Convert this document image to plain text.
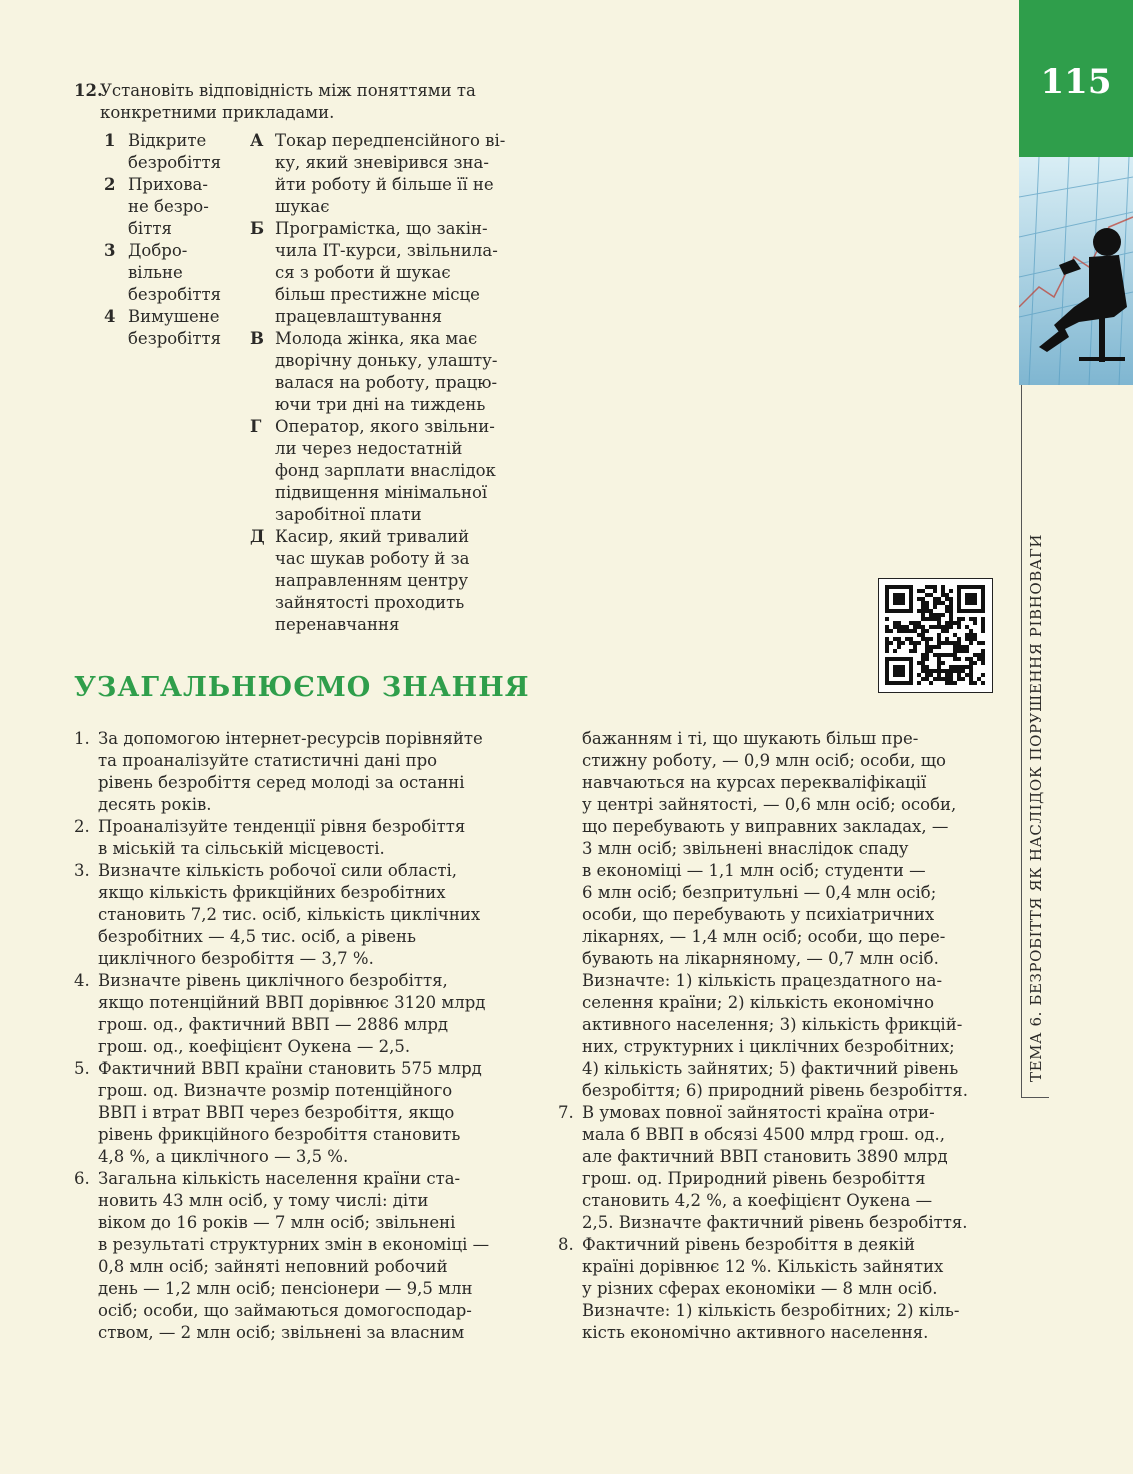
115
ТЕМА 6. БЕЗРОБІТТЯ ЯК НАСЛІДОК ПОРУШЕННЯ РІВНОВАГИ
12.
Установіть відповідність між поняттями та
конкретними прикладами.
1 Відкрите
безробіття
2 Прихова-
не безро-
біття
3 Добро-
вільне
безробіття
4 Вимушене
безробіття
А Токар передпенсійного ві-
ку, який зневірився зна-
йти роботу й більше її не
шукає
Б Програмістка, що закін-
чила ІТ-курси, звільнила-
ся з роботи й шукає
більш престижне місце
працевлаштування
В Молода жінка, яка має
дворічну доньку, улашту-
валася на роботу, працю-
ючи три дні на тиждень
Г Оператор, якого звільни-
ли через недостатній
фонд зарплати внаслідок
підвищення мінімальної
заробітної плати
Д Касир, який тривалий
час шукав роботу й за
направленням центру
зайнятості проходить
перенавчання
УЗАГАЛЬНЮЄМО ЗНАННЯ
1. За допомогою інтернет-ресурсів порівняйте
та проаналізуйте статистичні дані про
рівень безробіття серед молоді за останні
десять років.
2. Проаналізуйте тенденції рівня безробіття
в міській та сільській місцевості.
3. Визначте кількість робочої сили області,
якщо кількість фрикційних безробітних
становить 7,2 тис. осіб, кількість циклічних
безробітних — 4,5 тис. осіб, а рівень
циклічного безробіття — 3,7 %.
4. Визначте рівень циклічного безробіття,
якщо потенційний ВВП дорівнює 3120 млрд
грош. од., фактичний ВВП — 2886 млрд
грош. од., коефіцієнт Оукена — 2,5.
5. Фактичний ВВП країни становить 575 млрд
грош. од. Визначте розмір потенційного
ВВП і втрат ВВП через безробіття, якщо
рівень фрикційного безробіття становить
4,8 %, а циклічного — 3,5 %.
6. Загальна кількість населення країни ста-
новить 43 млн осіб, у тому числі: діти
віком до 16 років — 7 млн осіб; звільнені
в результаті структурних змін в економіці —
0,8 млн осіб; зайняті неповний робочий
день — 1,2 млн осіб; пенсіонери — 9,5 млн
осіб; особи, що займаються домогосподар-
ством, — 2 млн осіб; звільнені за власним
бажанням і ті, що шукають більш пре-
стижну роботу, — 0,9 млн осіб; особи, що
навчаються на курсах перекваліфікації
у центрі зайнятості, — 0,6 млн осіб; особи,
що перебувають у виправних закладах, —
3 млн осіб; звільнені внаслідок спаду
в економіці — 1,1 млн осіб; студенти —
6 млн осіб; безпритульні — 0,4 млн осіб;
особи, що перебувають у психіатричних
лікарнях, — 1,4 млн осіб; особи, що пере-
бувають на лікарняному, — 0,7 млн осіб.
Визначте: 1) кількість працездатного на-
селення країни; 2) кількість економічно
активного населення; 3) кількість фрикцій-
них, структурних і циклічних безробітних;
4) кількість зайнятих; 5) фактичний рівень
безробіття; 6) природний рівень безробіття.
7. В умовах повної зайнятості країна отри-
мала б ВВП в обсязі 4500 млрд грош. од.,
але фактичний ВВП становить 3890 млрд
грош. од. Природний рівень безробіття
становить 4,2 %, а коефіцієнт Оукена —
2,5. Визначте фактичний рівень безробіття.
8. Фактичний рівень безробіття в деякій
країні дорівнює 12 %. Кількість зайнятих
у різних сферах економіки — 8 млн осіб.
Визначте: 1) кількість безробітних; 2) кіль-
кість економічно активного населення.
